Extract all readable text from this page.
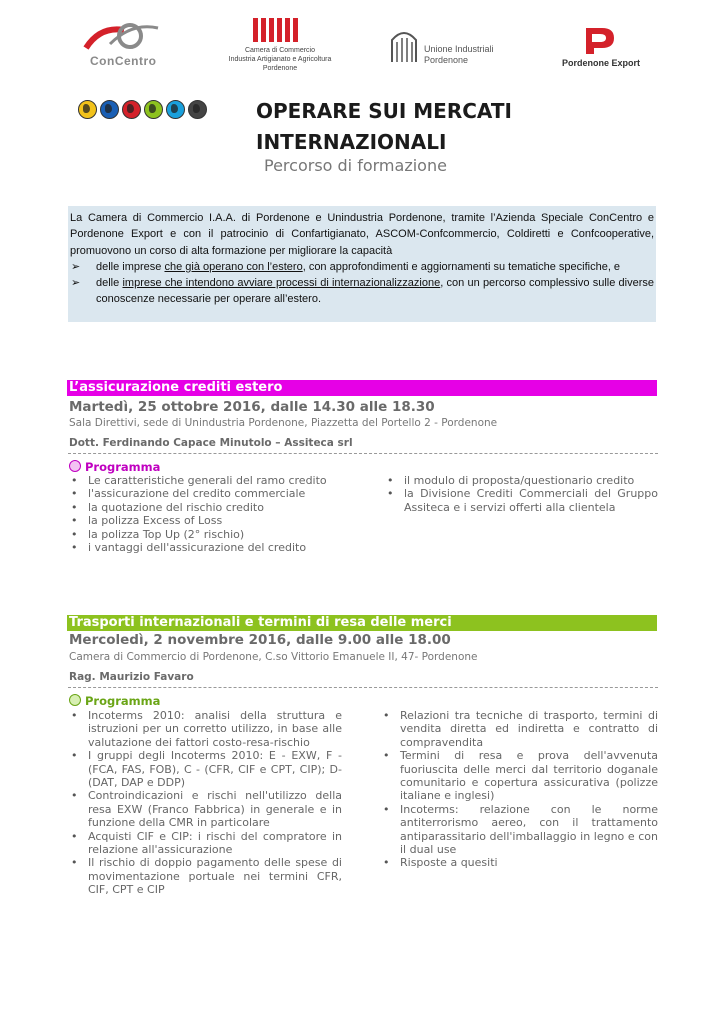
ConCentro
Camera di Commercio
Industria Artigianato e Agricoltura
Pordenone
Unione Industriali
Pordenone	Pordenone Export
OPERARE SUI MERCATI
INTERNAZIONALI
Percorso di formazione

La Camera di Commercio I.A.A. di Pordenone e Unindustria Pordenone, tramite l’Azienda Speciale ConCentro e Pordenone Export e con il patrocinio di Confartigianato, ASCOM-Confcommercio, Coldiretti e Confcooperative, promuovono un corso di alta formazione per migliorare la capacità

➢ delle imprese che già operano con l’estero, con approfondimenti e aggiornamenti su tematiche specifiche, e
➢ delle imprese che intendono avviare processi di internazionalizzazione, con un percorso complessivo sulle diverse conoscenze necessarie per operare all’estero.
L’assicurazione crediti estero
Martedì, 25 ottobre 2016, dalle 14.30 alle 18.30
Sala Direttivi, sede di Unindustria Pordenone, Piazzetta del Portello 2 - Pordenone
Dott. Ferdinando Capace Minutolo – Assiteca srl
Programma
• Le caratteristiche generali del ramo credito
• l'assicurazione del credito commerciale
• la quotazione del rischio credito
• la polizza Excess of Loss
• la polizza Top Up (2° rischio)
• i vantaggi dell'assicurazione del credito
• il modulo di proposta/questionario credito
• la Divisione Crediti Commerciali del Gruppo Assiteca e i servizi offerti alla clientela
Trasporti internazionali e termini di resa delle merci
Mercoledì, 2 novembre 2016, dalle 9.00 alle 18.00
Camera di Commercio di Pordenone, C.so Vittorio Emanuele II, 47- Pordenone
Rag. Maurizio Favaro
Programma
• Incoterms 2010: analisi della struttura e istruzioni per un corretto utilizzo, in base alle valutazione dei fattori costo-resa-rischio
• I gruppi degli Incoterms 2010: E - EXW, F - (FCA, FAS, FOB), C - (CFR, CIF e CPT, CIP); D- (DAT, DAP e DDP)
• Controindicazioni e rischi nell'utilizzo della resa EXW (Franco Fabbrica) in generale e in funzione della CMR in particolare
• Acquisti CIF e CIP: i rischi del compratore in relazione all'assicurazione
• Il rischio di doppio pagamento delle spese di movimentazione portuale nei termini CFR, CIF, CPT e CIP
• Relazioni tra tecniche di trasporto, termini di vendita diretta ed indiretta e contratto di compravendita
• Termini di resa e prova dell'avvenuta fuoriuscita delle merci dal territorio doganale comunitario e copertura assicurativa (polizze italiane e inglesi)
• Incoterms: relazione con le norme antiterrorismo aereo, con il trattamento antiparassitario dell'imballaggio in legno e con il dual use
• Risposte a quesiti
